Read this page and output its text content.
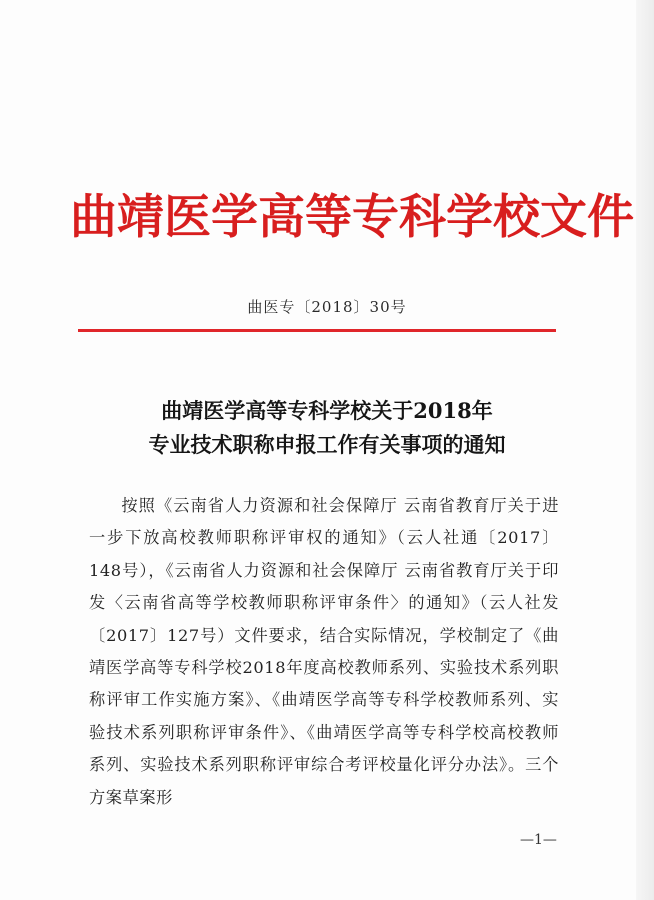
曲靖医学高等专科学校文件
曲医专〔2018〕30号
曲靖医学高等专科学校关于2018年
专业技术职称申报工作有关事项的通知

按照《云南省人力资源和社会保障厅 云南省教育厅关于进一步下放高校教师职称评审权的通知》（云人社通〔2017〕148号），《云南省人力资源和社会保障厅 云南省教育厅关于印发〈云南省高等学校教师职称评审条件〉的通知》（云人社发〔2017〕127号）文件要求，结合实际情况，学校制定了《曲靖医学高等专科学校2018年度高校教师系列、实验技术系列职称评审工作实施方案》、《曲靖医学高等专科学校教师系列、实验技术系列职称评审条件》、《曲靖医学高等专科学校高校教师系列、实验技术系列职称评审综合考评校量化评分办法》。三个方案草案形

—1—
